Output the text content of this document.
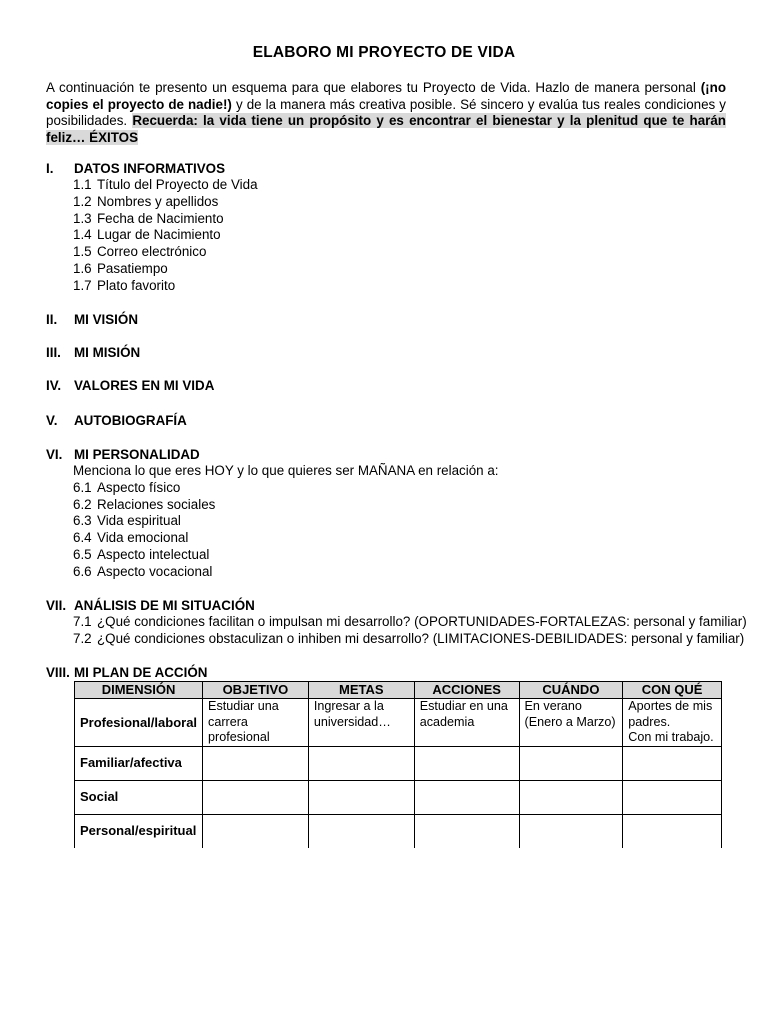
ELABORO MI PROYECTO DE VIDA
A continuación te presento un esquema para que elabores tu Proyecto de Vida. Hazlo de manera personal (¡no copies el proyecto de nadie!) y de la manera más creativa posible. Sé sincero y evalúa tus reales condiciones y posibilidades. Recuerda: la vida tiene un propósito y es encontrar el bienestar y la plenitud que te harán feliz… ÉXITOS
I. DATOS INFORMATIVOS
1.1 Título del Proyecto de Vida
1.2 Nombres y apellidos
1.3 Fecha de Nacimiento
1.4 Lugar de Nacimiento
1.5 Correo electrónico
1.6 Pasatiempo
1.7 Plato favorito
II. MI VISIÓN
III. MI MISIÓN
IV. VALORES EN MI VIDA
V. AUTOBIOGRAFÍA
VI. MI PERSONALIDAD
Menciona lo que eres HOY y lo que quieres ser MAÑANA en relación a:
6.1 Aspecto físico
6.2 Relaciones sociales
6.3 Vida espiritual
6.4 Vida emocional
6.5 Aspecto intelectual
6.6 Aspecto vocacional
VII. ANÁLISIS DE MI SITUACIÓN
7.1 ¿Qué condiciones facilitan o impulsan mi desarrollo? (OPORTUNIDADES-FORTALEZAS: personal y familiar)
7.2 ¿Qué condiciones obstaculizan o inhiben mi desarrollo? (LIMITACIONES-DEBILIDADES: personal y familiar)
VIII. MI PLAN DE ACCIÓN
DIMENSIÓN	OBJETIVO	METAS	ACCIONES	CUÁNDO	CON QUÉ
Profesional/laboral	Estudiar una carrera profesional	Ingresar a la universidad…	Estudiar en una academia	En verano (Enero a Marzo)	Aportes de mis padres.
Con mi trabajo.
Familiar/afectiva					
Social					
Personal/espiritual					
